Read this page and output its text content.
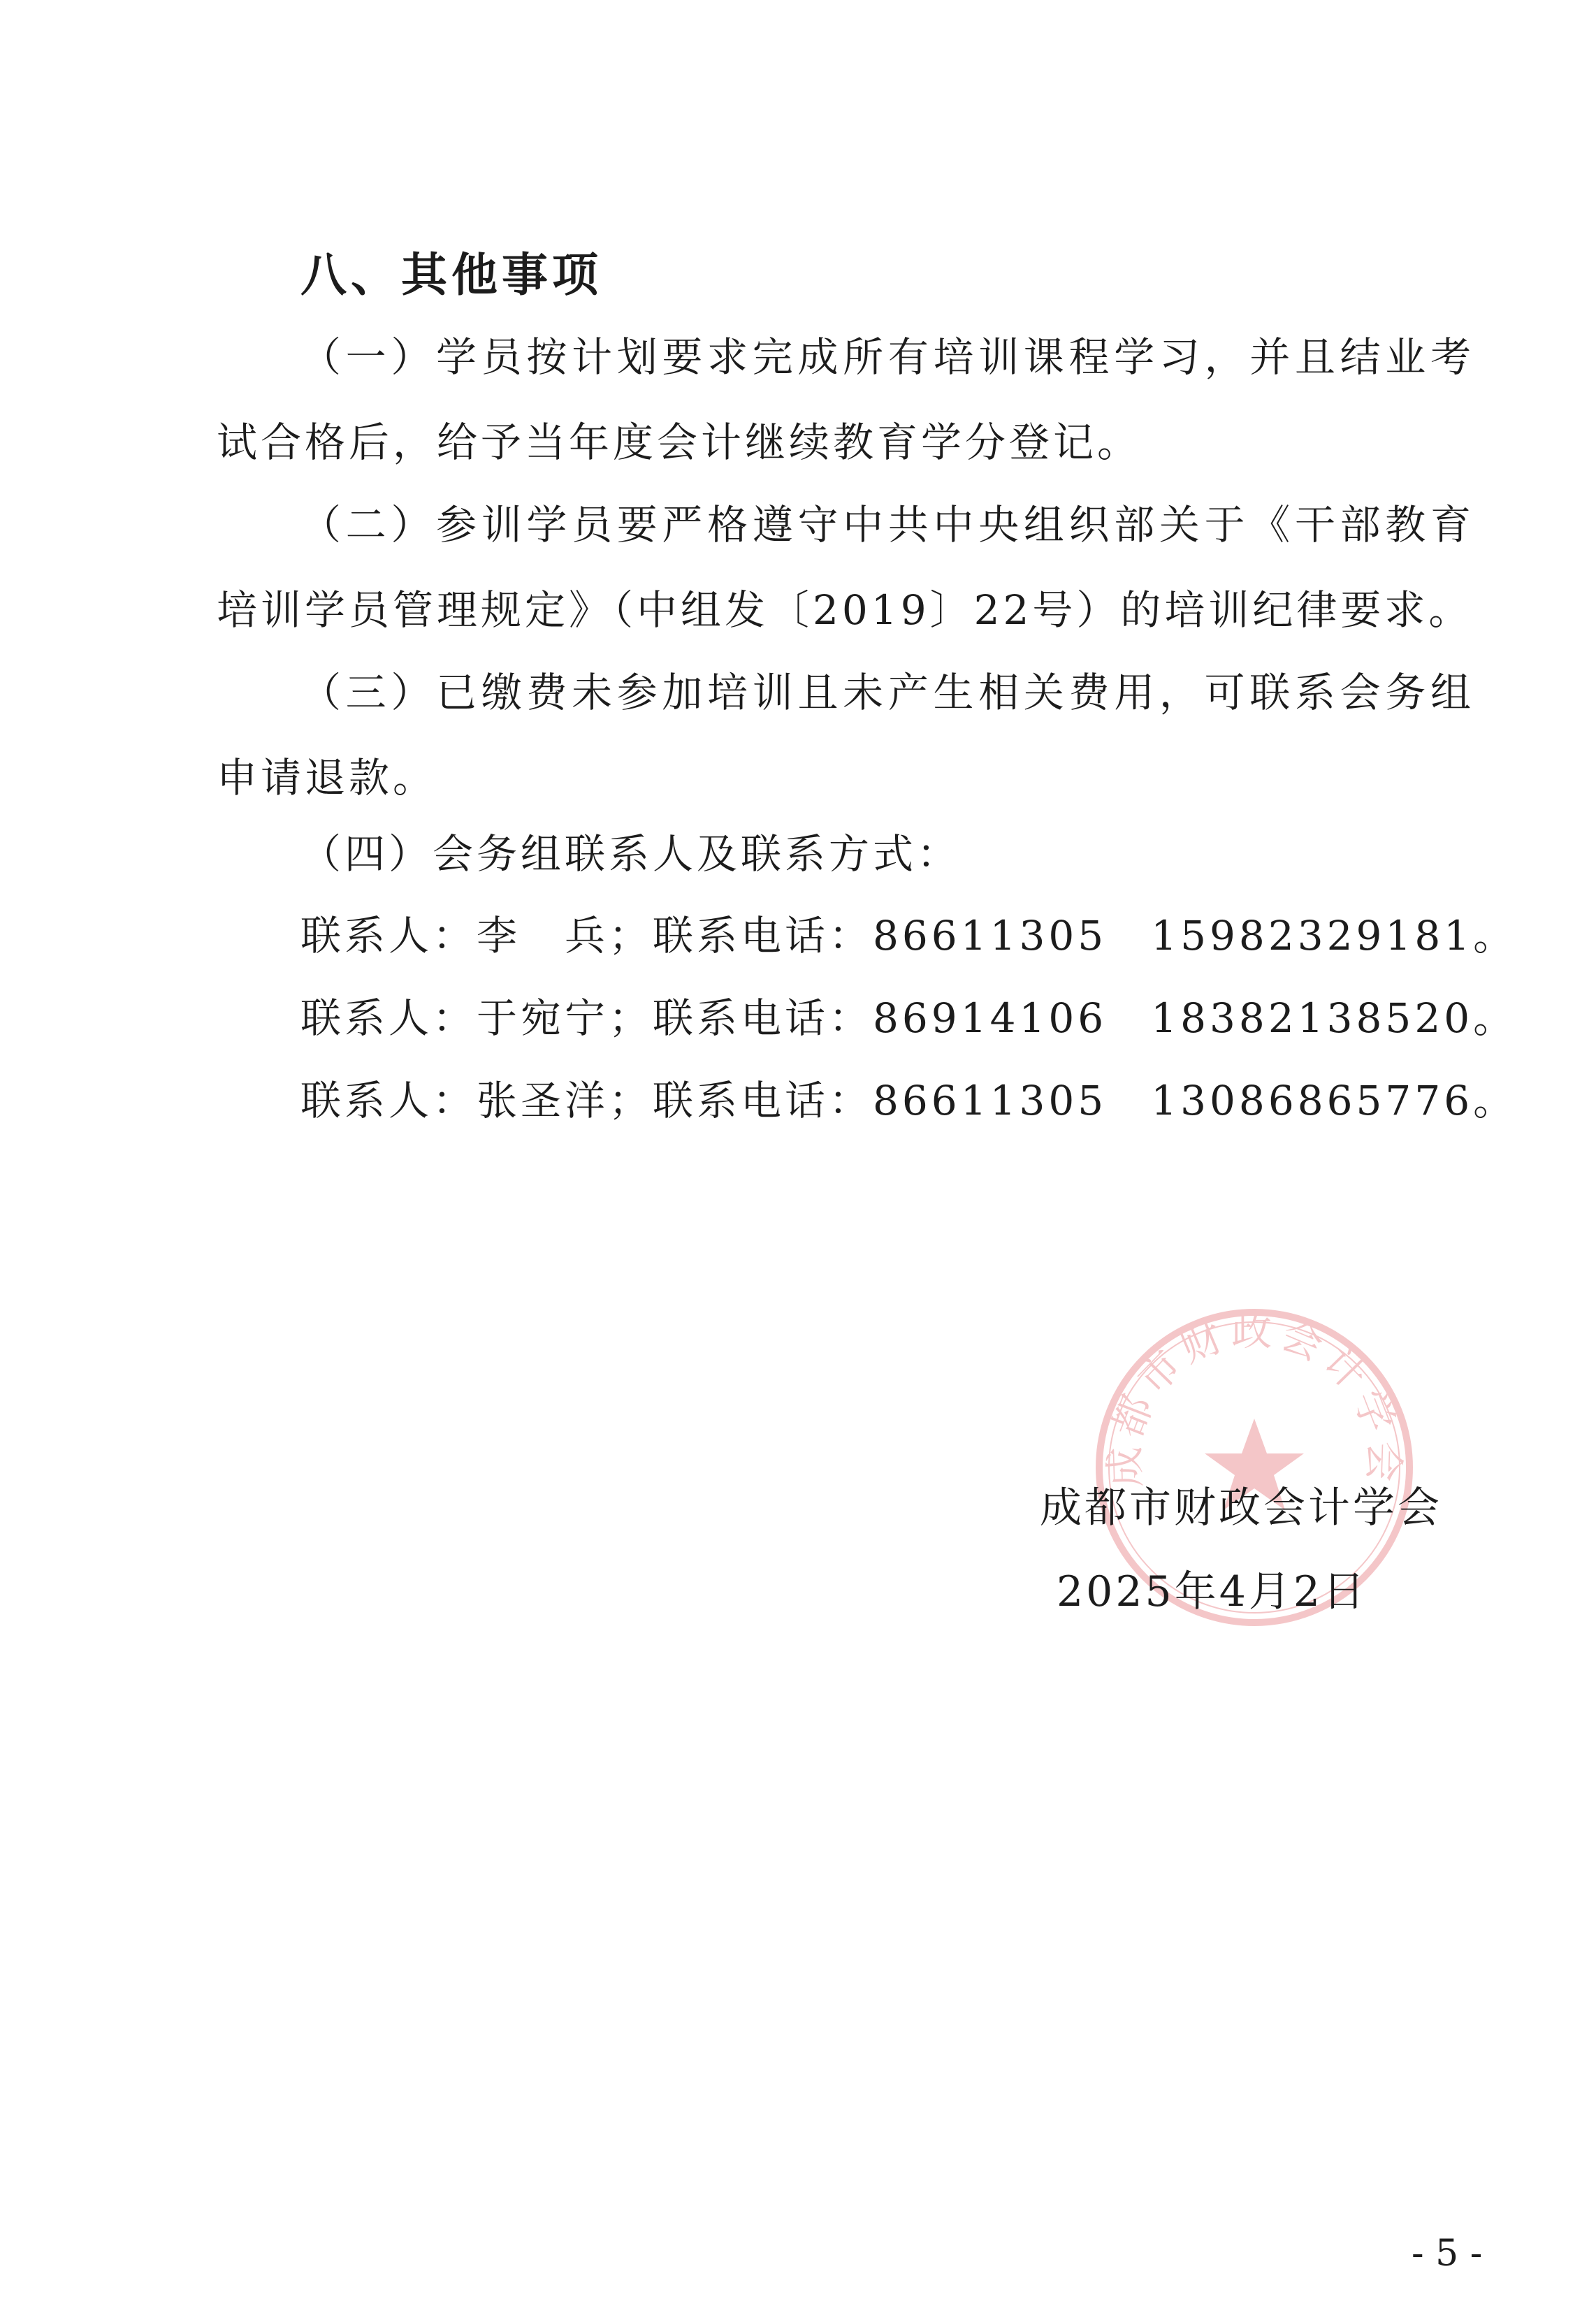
八、其他事项
（一）学员按计划要求完成所有培训课程学习，并且结业考试合格后，给予当年度会计继续教育学分登记。
（二）参训学员要严格遵守中共中央组织部关于《干部教育培训学员管理规定》（中组发〔2019〕22号）的培训纪律要求。
（三）已缴费未参加培训且未产生相关费用，可联系会务组申请退款。
（四）会务组联系人及联系方式：
联系人：李　兵；联系电话：86611305　15982329181。
联系人：于宛宁；联系电话：86914106　18382138520。
联系人：张圣洋；联系电话：86611305　13086865776。
成都市财政会计学会
成都市财政会计学会
2025年4月2日
- 5 -
